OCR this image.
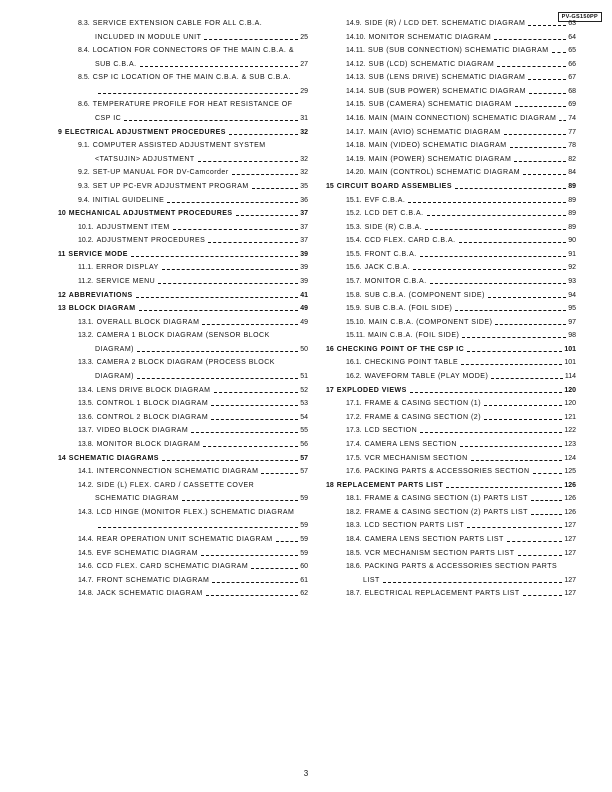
PV-GS150PP
8.3. SERVICE EXTENSION CABLE FOR ALL C.B.A.
INCLUDED IN MODULE UNIT	25
8.4. LOCATION FOR CONNECTORS OF THE MAIN C.B.A. &
SUB C.B.A.	27
8.5. CSP IC LOCATION OF THE MAIN C.B.A. & SUB C.B.A.
29
8.6. TEMPERATURE PROFILE FOR HEAT RESISTANCE OF
CSP IC	31
9 ELECTRICAL ADJUSTMENT PROCEDURES	32
9.1. COMPUTER ASSISTED ADJUSTMENT SYSTEM
<TATSUJIN> ADJUSTMENT	32
9.2. SET-UP MANUAL FOR DV-Camcorder	32
9.3. SET UP PC-EVR ADJUSTMENT PROGRAM	35
9.4. INITIAL GUIDELINE	36
10 MECHANICAL ADJUSTMENT PROCEDURES	37
10.1. ADJUSTMENT ITEM	37
10.2. ADJUSTMENT PROCEDURES	37
11 SERVICE MODE	39
11.1. ERROR DISPLAY	39
11.2. SERVICE MENU	39
12 ABBREVIATIONS	41
13 BLOCK DIAGRAM	49
13.1. OVERALL BLOCK DIAGRAM	49
13.2. CAMERA 1 BLOCK DIAGRAM (SENSOR BLOCK
DIAGRAM)	50
13.3. CAMERA 2 BLOCK DIAGRAM (PROCESS BLOCK
DIAGRAM)	51
13.4. LENS DRIVE BLOCK DIAGRAM	52
13.5. CONTROL 1 BLOCK DIAGRAM	53
13.6. CONTROL 2 BLOCK DIAGRAM	54
13.7. VIDEO BLOCK DIAGRAM	55
13.8. MONITOR BLOCK DIAGRAM	56
14 SCHEMATIC DIAGRAMS	57
14.1. INTERCONNECTION SCHEMATIC DIAGRAM	57
14.2. SIDE (L) FLEX. CARD / CASSETTE COVER
SCHEMATIC DIAGRAM	59
14.3. LCD HINGE (MONITOR FLEX.) SCHEMATIC DIAGRAM
59
14.4. REAR OPERATION UNIT SCHEMATIC DIAGRAM	59
14.5. EVF SCHEMATIC DIAGRAM	59
14.6. CCD FLEX. CARD SCHEMATIC DIAGRAM	60
14.7. FRONT SCHEMATIC DIAGRAM	61
14.8. JACK SCHEMATIC DIAGRAM	62
14.9. SIDE (R) / LCD DET. SCHEMATIC DIAGRAM	63
14.10. MONITOR SCHEMATIC DIAGRAM	64
14.11. SUB (SUB CONNECTION) SCHEMATIC DIAGRAM	65
14.12. SUB (LCD) SCHEMATIC DIAGRAM	66
14.13. SUB (LENS DRIVE) SCHEMATIC DIAGRAM	67
14.14. SUB (SUB POWER) SCHEMATIC DIAGRAM	68
14.15. SUB (CAMERA) SCHEMATIC DIAGRAM	69
14.16. MAIN (MAIN CONNECTION) SCHEMATIC DIAGRAM 74
14.17. MAIN (AVIO) SCHEMATIC DIAGRAM	77
14.18. MAIN (VIDEO) SCHEMATIC DIAGRAM	78
14.19. MAIN (POWER) SCHEMATIC DIAGRAM	82
14.20. MAIN (CONTROL) SCHEMATIC DIAGRAM	84
15 CIRCUIT BOARD ASSEMBLIES	89
15.1. EVF C.B.A.	89
15.2. LCD DET C.B.A.	89
15.3. SIDE (R) C.B.A.	89
15.4. CCD FLEX. CARD C.B.A.	90
15.5. FRONT C.B.A.	91
15.6. JACK C.B.A.	92
15.7. MONITOR C.B.A.	93
15.8. SUB C.B.A. (COMPONENT SIDE)	94
15.9. SUB C.B.A. (FOIL SIDE)	95
15.10. MAIN C.B.A. (COMPONENT SIDE)	97
15.11. MAIN C.B.A. (FOIL SIDE)	98
16 CHECKING POINT OF THE CSP IC	101
16.1. CHECKING POINT TABLE	101
16.2. WAVEFORM TABLE (PLAY MODE)	114
17 EXPLODED VIEWS	120
17.1. FRAME & CASING SECTION (1)	120
17.2. FRAME & CASING SECTION (2)	121
17.3. LCD SECTION	122
17.4. CAMERA LENS SECTION	123
17.5. VCR MECHANISM SECTION	124
17.6. PACKING PARTS & ACCESSORIES SECTION	125
18 REPLACEMENT PARTS LIST	126
18.1. FRAME & CASING SECTION (1) PARTS LIST	126
18.2. FRAME & CASING SECTION (2) PARTS LIST	126
18.3. LCD SECTION PARTS LIST	127
18.4. CAMERA LENS SECTION PARTS LIST	127
18.5. VCR MECHANISM SECTION PARTS LIST	127
18.6. PACKING PARTS & ACCESSORIES SECTION PARTS
LIST	127
18.7. ELECTRICAL REPLACEMENT PARTS LIST	127
3
